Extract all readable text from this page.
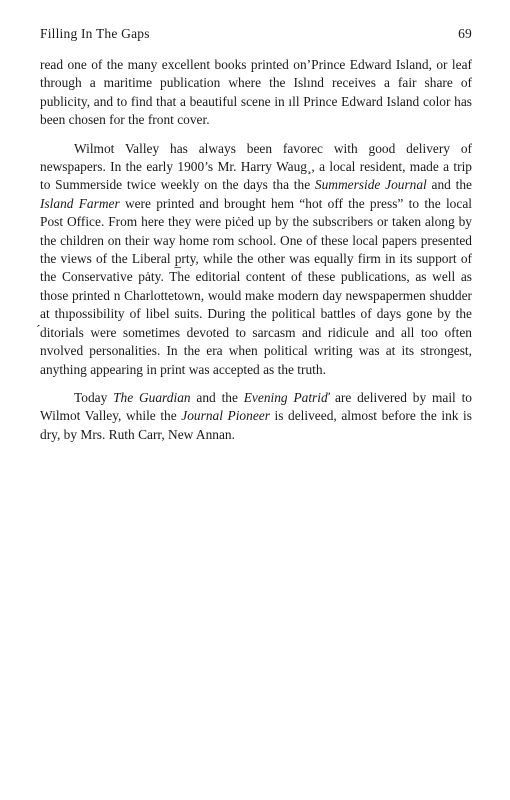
Filling In The Gaps	69

read one of the many excellent books printed on’Prince Edward Island, or leaf through a maritime publication where the Islınd receives a fair share of publicity, and to find that a beautiful scene in ıll Prince Edward Island color has been chosen for the front cover.

Wilmot Valley has always been favorec with good delivery of newspapers. In the early 1900’s Mr. Harry Waug¸, a local resident, made a trip to Summerside twice weekly on the days tha the Summerside Journal and the Island Farmer were printed and brought hem “hot off the press” to the local Post Office. From here they were piċed up by the subscribers or taken along by the children on their way home rom school. One of these local papers presented the views of the Liberal p̲rty, while the other was equally firm in its support of the Conservative pȧty. The editorial content of these publications, as well as those printed n Charlottetown, would make modern day newspapermen shudder at thıpossibility of libel suits. During the political battles of days gone by the ́ditorials were sometimes devoted to sarcasm and ridicule and all too often nvolved personalities. In the era when political writing was at its strongest, anything appearing in print was accepted as the truth.

Today The Guardian and the Evening Patriď are delivered by mail to Wilmot Valley, while the Journal Pioneer is deliveed, almost before the ink is dry, by Mrs. Ruth Carr, New Annan.
